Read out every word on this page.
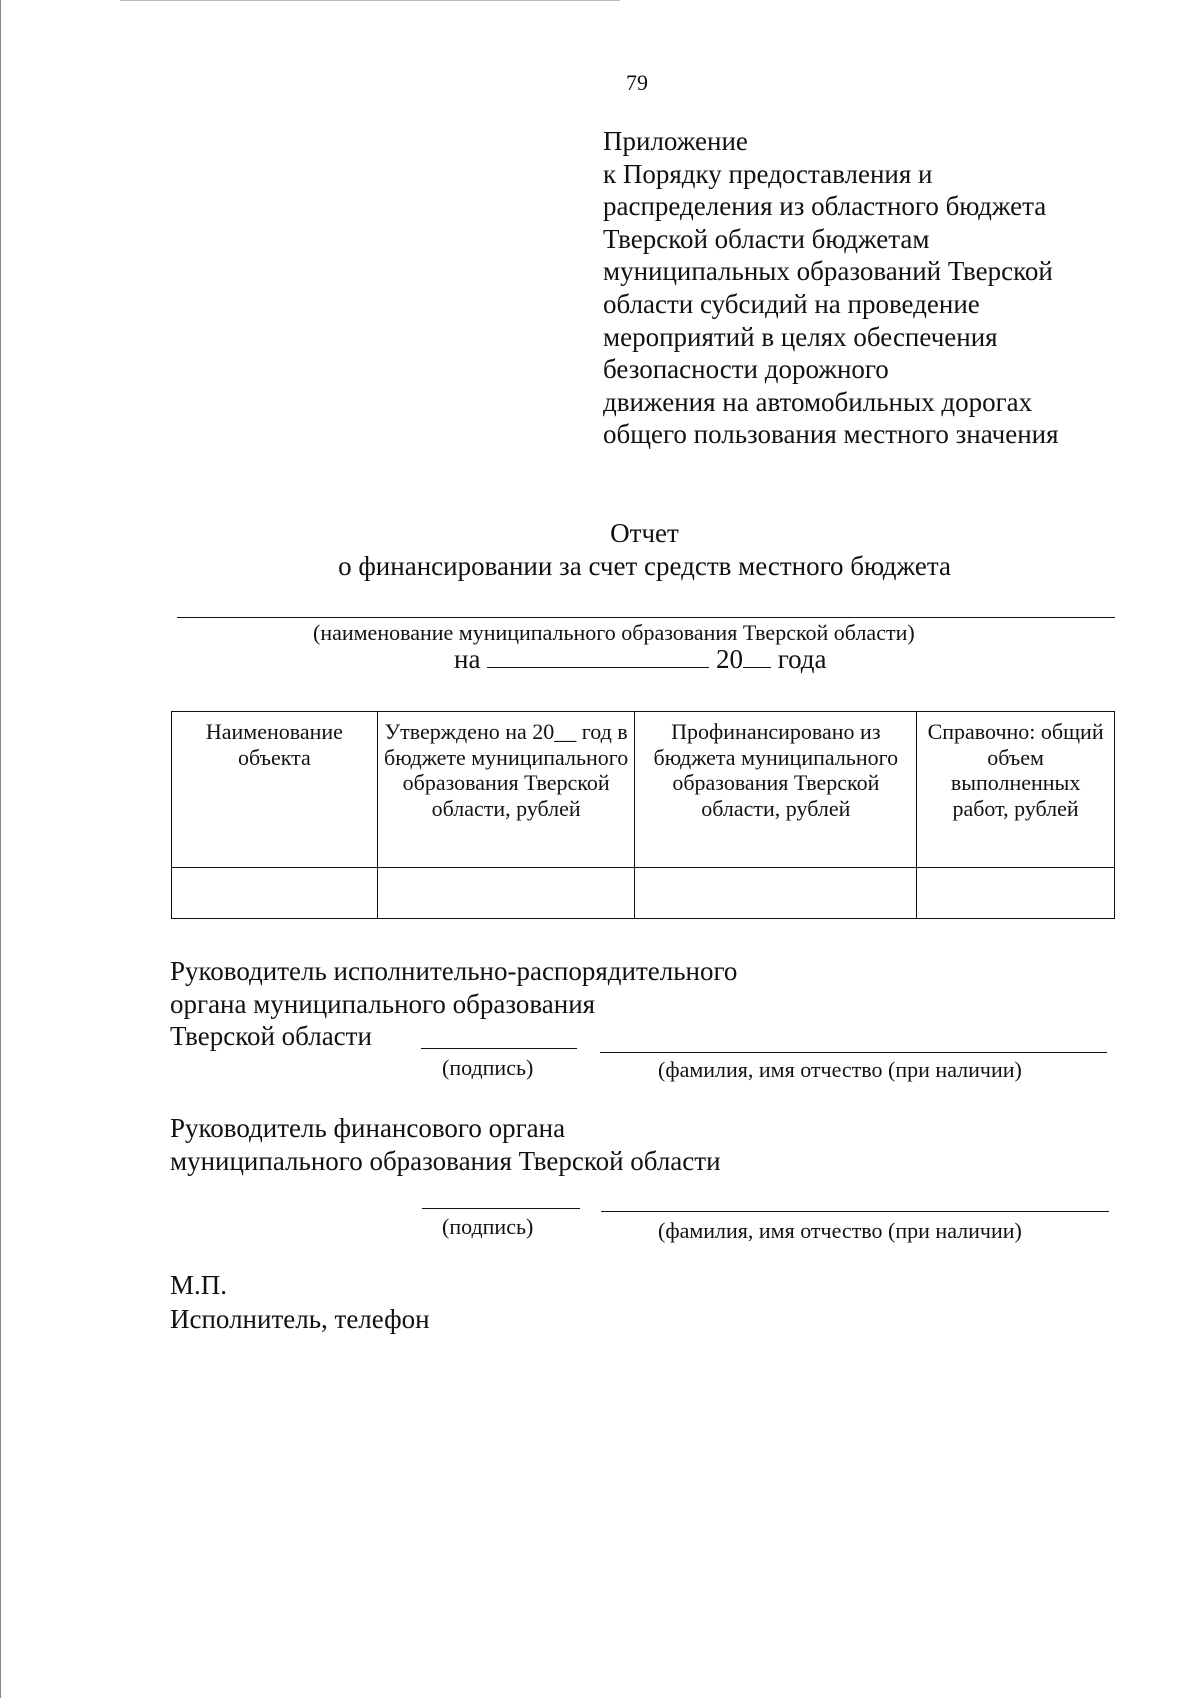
79
Приложение
к Порядку предоставления и
распределения из областного бюджета
Тверской области бюджетам
муниципальных образований Тверской
области субсидий на проведение
мероприятий в целях обеспечения
безопасности дорожного
движения на автомобильных дорогах
общего пользования местного значения
Отчет
о финансировании за счет средств местного бюджета
(наименование муниципального образования Тверской области)
на	20 года
Наименование объекта	Утверждено на 20__ год в бюджете муниципального образования Тверской области, рублей	Профинансировано из бюджета муниципального образования Тверской области, рублей	Справочно: общий объем выполненных работ, рублей

Руководитель исполнительно-распорядительного
органа муниципального образования
Тверской области
(подпись)	(фамилия, имя отчество (при наличии)
Руководитель финансового органа
муниципального образования Тверской области
(подпись)	(фамилия, имя отчество (при наличии)
М.П.
Исполнитель, телефон
